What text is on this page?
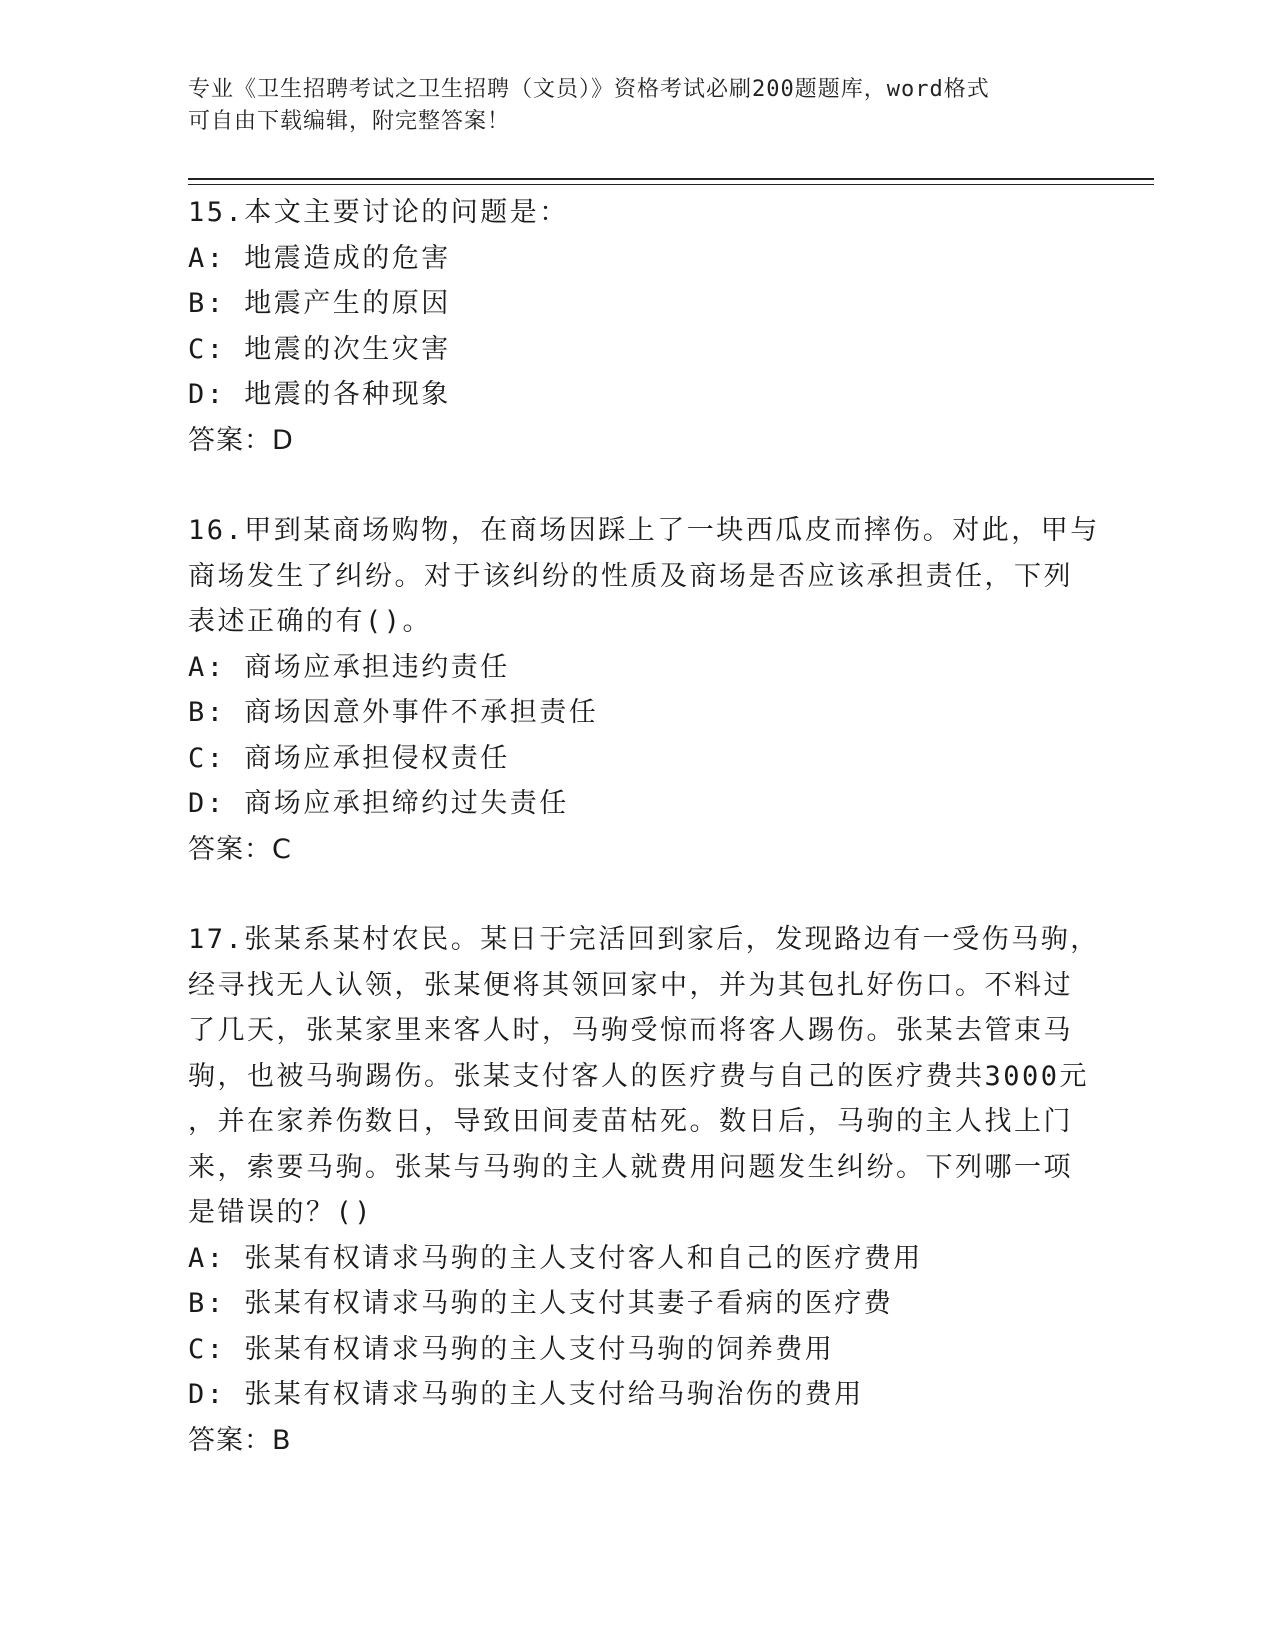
专业《卫生招聘考试之卫生招聘（文员）》资格考试必刷200题题库，word格式
可自由下载编辑，附完整答案！
15.本文主要讨论的问题是：
A: 地震造成的危害
B: 地震产生的原因
C: 地震的次生灾害
D: 地震的各种现象
答案：D
16.甲到某商场购物，在商场因踩上了一块西瓜皮而摔伤。对此，甲与
商场发生了纠纷。对于该纠纷的性质及商场是否应该承担责任，下列
表述正确的有()。
A: 商场应承担违约责任
B: 商场因意外事件不承担责任
C: 商场应承担侵权责任
D: 商场应承担缔约过失责任
答案：C
17.张某系某村农民。某日于完活回到家后，发现路边有一受伤马驹，
经寻找无人认领，张某便将其领回家中，并为其包扎好伤口。不料过
了几天，张某家里来客人时，马驹受惊而将客人踢伤。张某去管束马
驹，也被马驹踢伤。张某支付客人的医疗费与自己的医疗费共3000元
，并在家养伤数日，导致田间麦苗枯死。数日后，马驹的主人找上门
来，索要马驹。张某与马驹的主人就费用问题发生纠纷。下列哪一项
是错误的？()
A: 张某有权请求马驹的主人支付客人和自己的医疗费用
B: 张某有权请求马驹的主人支付其妻子看病的医疗费
C: 张某有权请求马驹的主人支付马驹的饲养费用
D: 张某有权请求马驹的主人支付给马驹治伤的费用
答案：B
